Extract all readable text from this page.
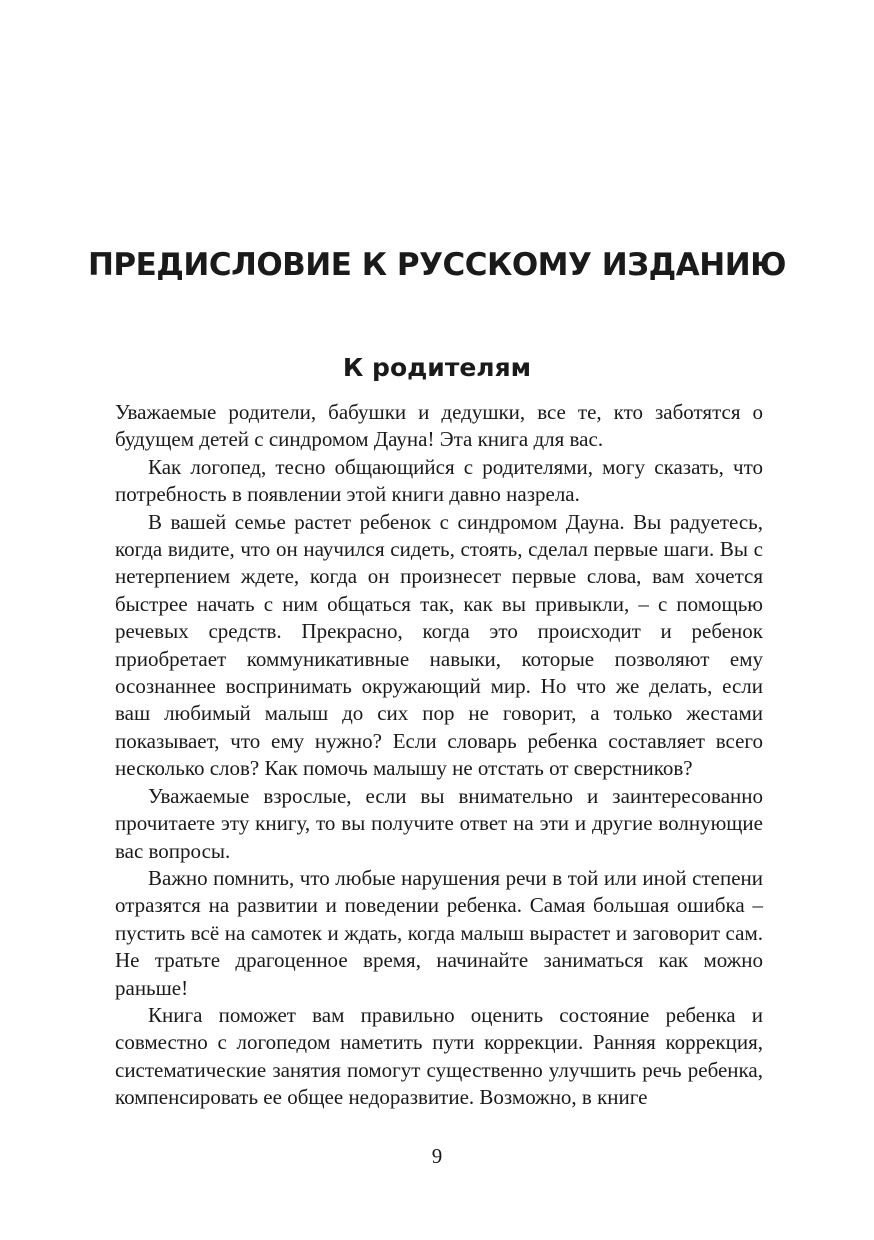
ПРЕДИСЛОВИЕ К РУССКОМУ ИЗДАНИЮ
К родителям

Уважаемые родители, бабушки и дедушки, все те, кто заботятся о будущем детей с синдромом Дауна! Эта книга для вас.

Как логопед, тесно общающийся с родителями, могу сказать, что потребность в появлении этой книги давно назрела.

В вашей семье растет ребенок с синдромом Дауна. Вы радуетесь, когда видите, что он научился сидеть, стоять, сделал первые шаги. Вы с нетерпением ждете, когда он произнесет первые слова, вам хочется быстрее начать с ним общаться так, как вы привыкли, – с помощью речевых средств. Прекрасно, когда это происходит и ребенок приобретает коммуникативные навыки, которые позволяют ему осознаннее воспринимать окружающий мир. Но что же делать, если ваш любимый малыш до сих пор не говорит, а только жестами показывает, что ему нужно? Если словарь ребенка составляет всего несколько слов? Как помочь малышу не отстать от сверстников?

Уважаемые взрослые, если вы внимательно и заинтересованно прочитаете эту книгу, то вы получите ответ на эти и другие волнующие вас вопросы.

Важно помнить, что любые нарушения речи в той или иной степени отразятся на развитии и поведении ребенка. Самая большая ошибка – пустить всё на самотек и ждать, когда малыш вырастет и заговорит сам. Не тратьте драгоценное время, начинайте заниматься как можно раньше!

Книга поможет вам правильно оценить состояние ребенка и совместно с логопедом наметить пути коррекции. Ранняя коррекция, систематические занятия помогут существенно улучшить речь ребенка, компенсировать ее общее недоразвитие. Возможно, в книге

9
